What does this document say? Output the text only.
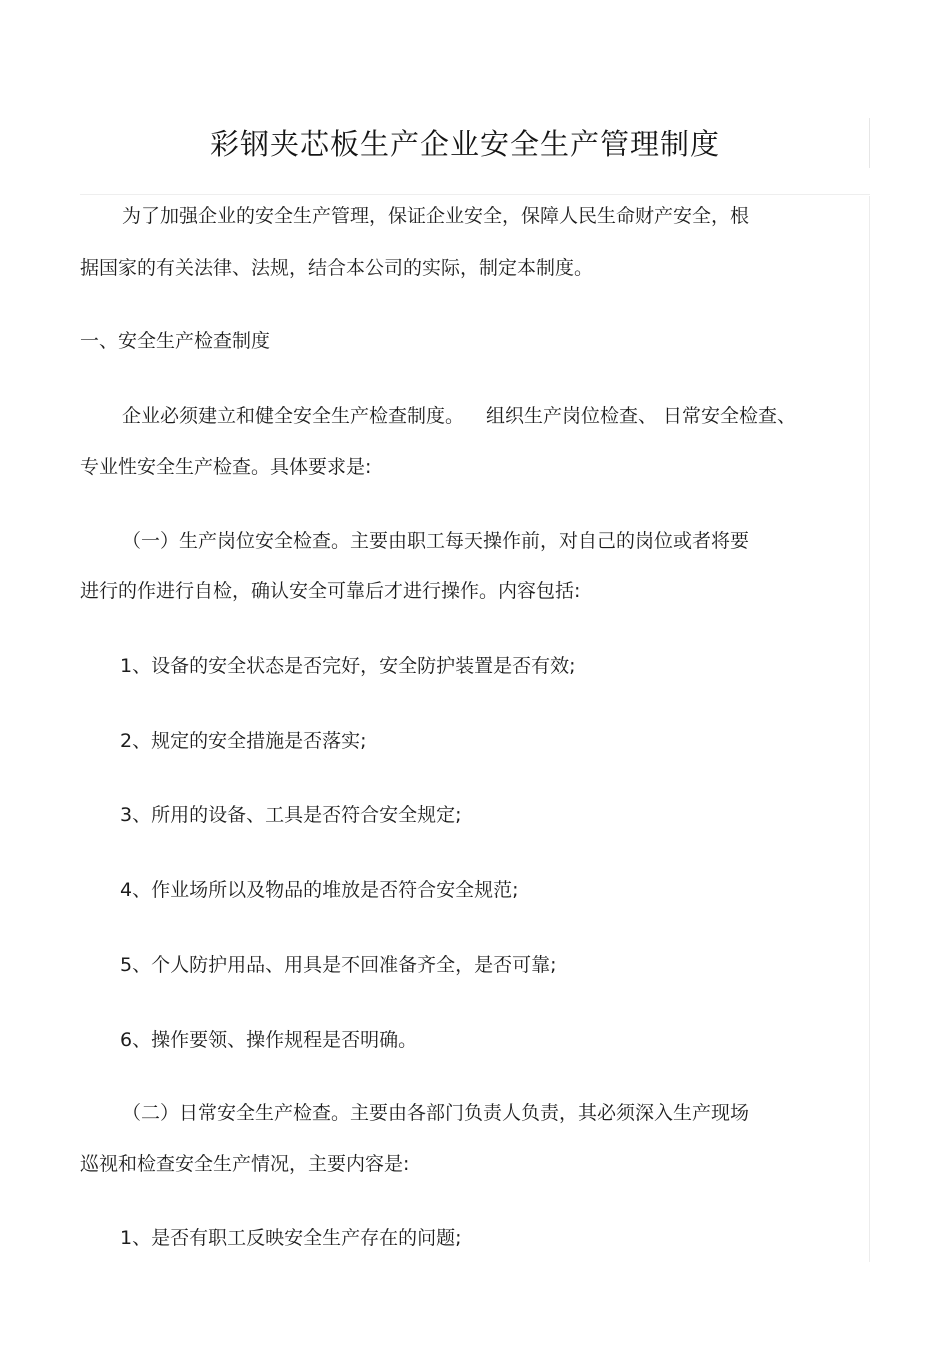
彩钢夹芯板生产企业安全生产管理制度
为了加强企业的安全生产管理，保证企业安全，保障人民生命财产安全，根
据国家的有关法律、法规，结合本公司的实际，制定本制度。
一、安全生产检查制度
企业必须建立和健全安全生产检查制度。 组织生产岗位检查、 日常安全检查、
专业性安全生产检查。具体要求是:
（一）生产岗位安全检查。主要由职工每天操作前，对自己的岗位或者将要
进行的作进行自检，确认安全可靠后才进行操作。内容包括:
1、设备的安全状态是否完好，安全防护装置是否有效;
2、规定的安全措施是否落实;
3、所用的设备、工具是否符合安全规定;
4、作业场所以及物品的堆放是否符合安全规范;
5、个人防护用品、用具是不回准备齐全，是否可靠;
6、操作要领、操作规程是否明确。
（二）日常安全生产检查。主要由各部门负责人负责，其必须深入生产现场
巡视和检查安全生产情况，主要内容是:
1、是否有职工反映安全生产存在的问题;
